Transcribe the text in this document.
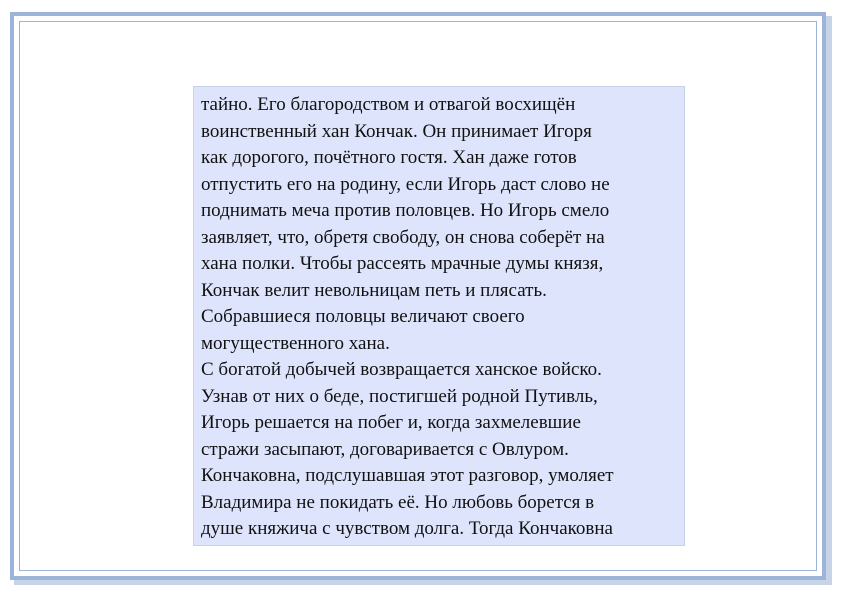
тайно. Его благородством и отвагой восхищён
воинственный хан Кончак. Он принимает Игоря
как дорогого, почётного гостя. Хан даже готов
отпустить его на родину, если Игорь даст слово не
поднимать меча против половцев. Но Игорь смело
заявляет, что, обретя свободу, он снова соберёт на
хана полки. Чтобы рассеять мрачные думы князя,
Кончак велит невольницам петь и плясать.
Собравшиеся половцы величают своего
могущественного хана.
С богатой добычей возвращается ханское войско.
Узнав от них о беде, постигшей родной Путивль,
Игорь решается на побег и, когда захмелевшие
стражи засыпают, договаривается с Овлуром.
Кончаковна, подслушавшая этот разговор, умоляет
Владимира не покидать её. Но любовь борется в
душе княжича с чувством долга. Тогда Кончаковна
